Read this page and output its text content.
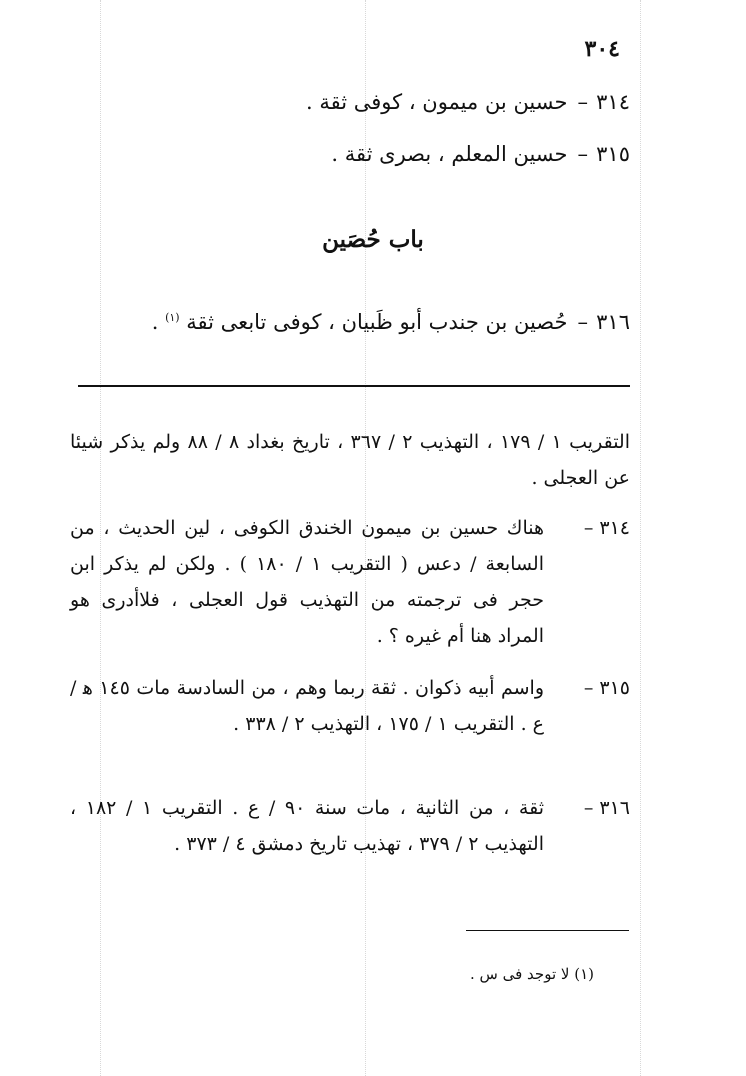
٣٠٤
٣١٤–حسين بن ميمون ، كوفى ثقة .
٣١٥–حسين المعلم ، بصرى ثقة .
باب حُصَين
٣١٦–حُصين بن جندب أبو ظَبيان ، كوفى تابعى ثقة $^{(١)}$ .
التقريب ١ / ١٧٩ ، التهذيب ٢ / ٣٦٧ ، تاريخ بغداد ٨ / ٨٨ ولم يذكر شيئا عن العجلى .
٣١٤ –
هناك حسين بن ميمون الخندق الكوفى ، لين الحديث ، من السابعة / دعس ( التقريب ١ / ١٨٠ ) . ولكن لم يذكر ابن حجر فى ترجمته من التهذيب قول العجلى ، فلاأدرى هو المراد هنا أم غيره ؟ .
٣١٥ –
واسم أبيه ذكوان . ثقة ربما وهم ، من السادسة مات ١٤٥ ﻫ / ع . التقريب ١ / ١٧٥ ، التهذيب ٢ / ٣٣٨ .
٣١٦ –
ثقة ، من الثانية ، مات سنة ٩٠ / ع . التقريب ١ / ١٨٢ ، التهذيب ٢ / ٣٧٩ ، تهذيب تاريخ دمشق ٤ / ٣٧٣ .
(١) لا توجد فى س .
